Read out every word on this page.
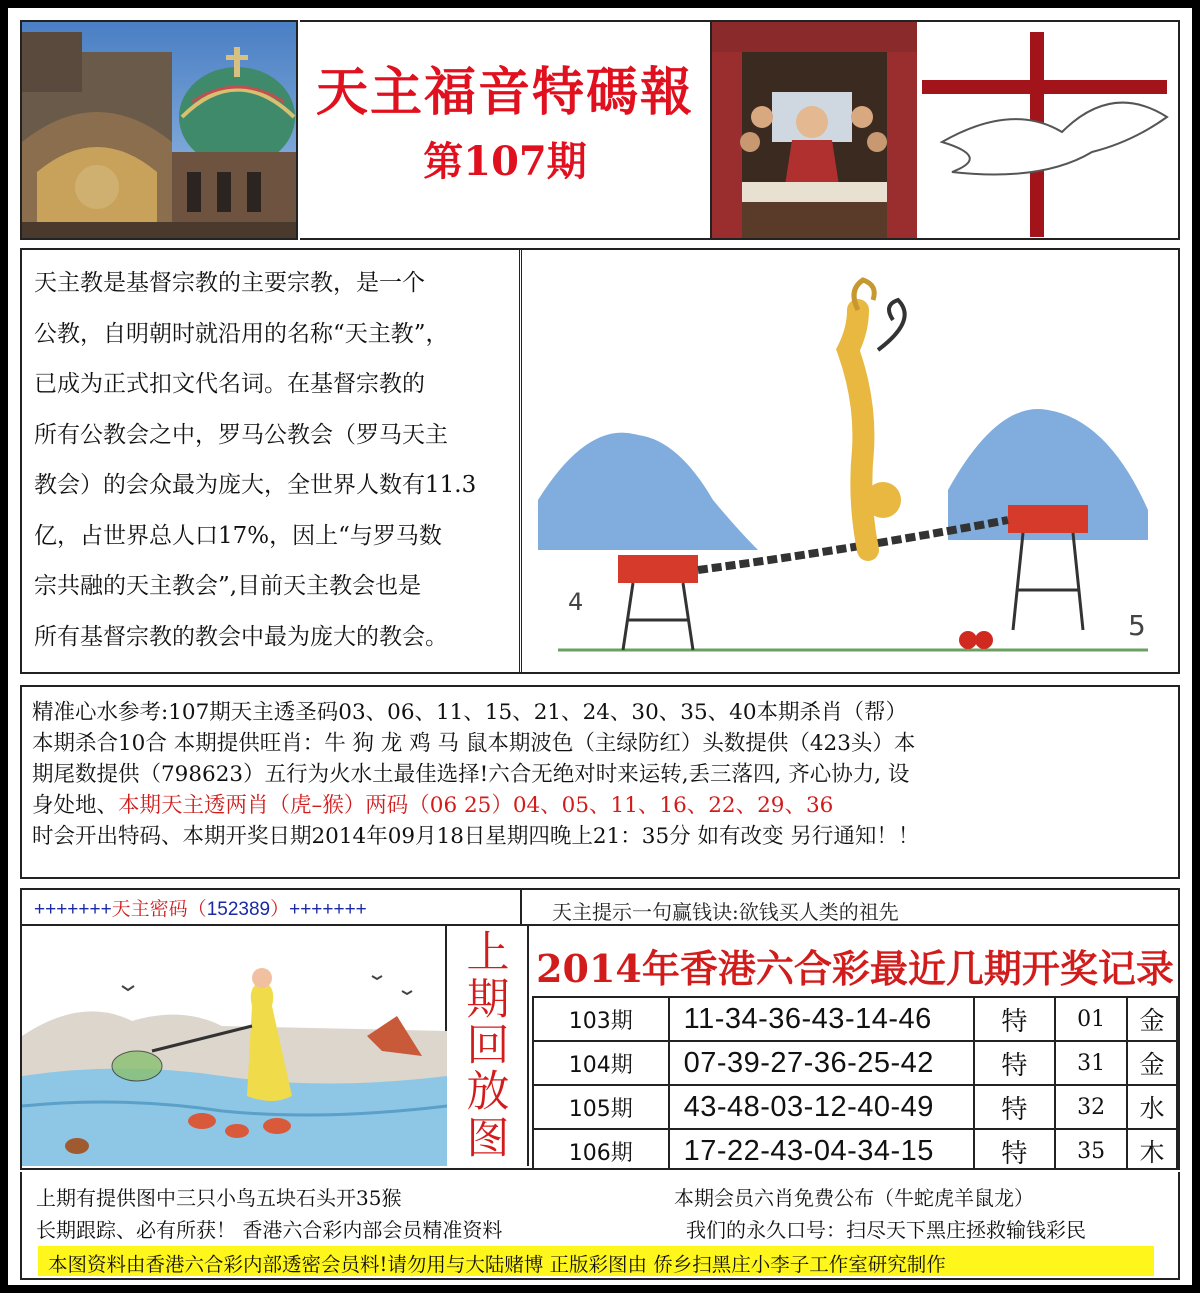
天主福音特碼報
第107期

天主教是基督宗教的主要宗教，是一个

公教，自明朝时就沿用的名称“天主教”，

已成为正式扣文代名词。在基督宗教的

所有公教会之中，罗马公教会（罗马天主

教会）的会众最为庞大，全世界人数有11.3

亿，占世界总人口17%，因上“与罗马数

宗共融的天主教会”,目前天主教会也是

所有基督宗教的教会中最为庞大的教会。

4
5

精准心水参考:107期天主透圣码03、06、11、15、21、24、30、35、40本期杀肖（帮）

本期杀合10合 本期提供旺肖：牛 狗 龙 鸡 马 鼠本期波色（主绿防红）头数提供（423头）本

期尾数提供（798623）五行为火水土最佳选择!六合无绝对时来运转,丢三落四, 齐心协力, 设

身处地、本期天主透两肖（虎–猴）两码（06 25）04、05、11、16、22、29、36

时会开出特码、本期开奖日期2014年09月18日星期四晚上21：35分 如有改变 另行通知！！

+++++++天主密码（152389）+++++++	天主提示一句赢钱诀:欲钱买人类的祖先
上
期
回
放
图
2014年香港六合彩最近几期开奖记录
103期	11-34-36-43-14-46	特	01	金
104期	07-39-27-36-25-42	特	31	金
105期	43-48-03-12-40-49	特	32	水
106期	17-22-43-04-34-15	特	35	木
上期有提供图中三只小鸟五块石头开35猴	本期会员六肖免费公布（牛蛇虎羊鼠龙）
长期跟踪、必有所获！ 香港六合彩内部会员精准资料	我们的永久口号：扫尽天下黑庄拯救输钱彩民
本图资料由香港六合彩内部透密会员料!请勿用与大陆赌博 正版彩图由 侨乡扫黑庄小李子工作室研究制作
